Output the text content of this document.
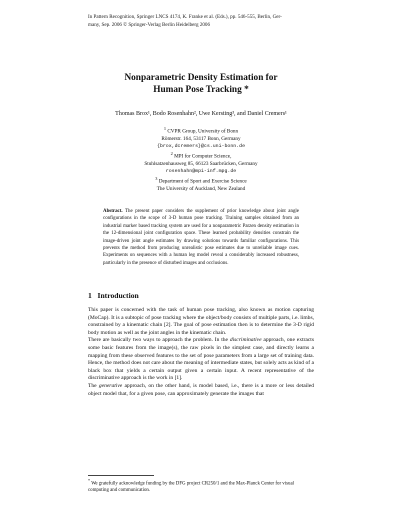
In Pattern Recognition, Springer LNCS 4174, K. Franke et al. (Eds.), pp. 546-555, Berlin, Ger-
many, Sep. 2006 © Springer-Verlag Berlin Heidelberg 2006
Nonparametric Density Estimation for
Human Pose Tracking *
Thomas Brox¹, Bodo Rosenhahn², Uwe Kersting³, and Daniel Cremers¹
$^1$ CVPR Group, University of Bonn
Römerstr. 164, 53117 Bonn, Germany
{brox,dcremers}@cs.uni-bonn.de
$^2$ MPI for Computer Science,
Stuhlsatzenhausweg 85, 66123 Saarbrücken, Germany
rosenhahn@mpi-inf.mpg.de
$^3$ Department of Sport and Exercise Science
The University of Auckland, New Zealand
Abstract. The present paper considers the supplement of prior knowledge about joint angle configurations in the scope of 3-D human pose tracking. Training samples obtained from an industrial marker based tracking system are used for a nonparametric Parzen density estimation in the 12-dimensional joint configuration space. These learned probability densities constrain the image-driven joint angle estimates by drawing solutions towards familiar configurations. This prevents the method from producing unrealistic pose estimates due to unreliable image cues. Experiments on sequences with a human leg model reveal a considerably increased robustness, particularly in the presence of disturbed images and occlusions.
1 Introduction

This paper is concerned with the task of human pose tracking, also known as motion capturing (MoCap). It is a subtopic of pose tracking where the object/body consists of multiple parts, i.e. limbs, constrained by a kinematic chain [2]. The goal of pose estimation then is to determine the 3-D rigid body motion as well as the joint angles in the kinematic chain.

There are basically two ways to approach the problem. In the discriminative approach, one extracts some basic features from the image(s), the raw pixels in the simplest case, and directly learns a mapping from these observed features to the set of pose parameters from a large set of training data. Hence, the method does not care about the meaning of intermediate states, but solely acts as kind of a black box that yields a certain output given a certain input. A recent representative of the discriminative approach is the work in [1].

The generative approach, on the other hand, is model based, i.e., there is a more or less detailed object model that, for a given pose, can approximately generate the images that

* We gratefully acknowledge funding by the DFG project CR250/1 and the Max-Planck Center for visual computing and communication.
